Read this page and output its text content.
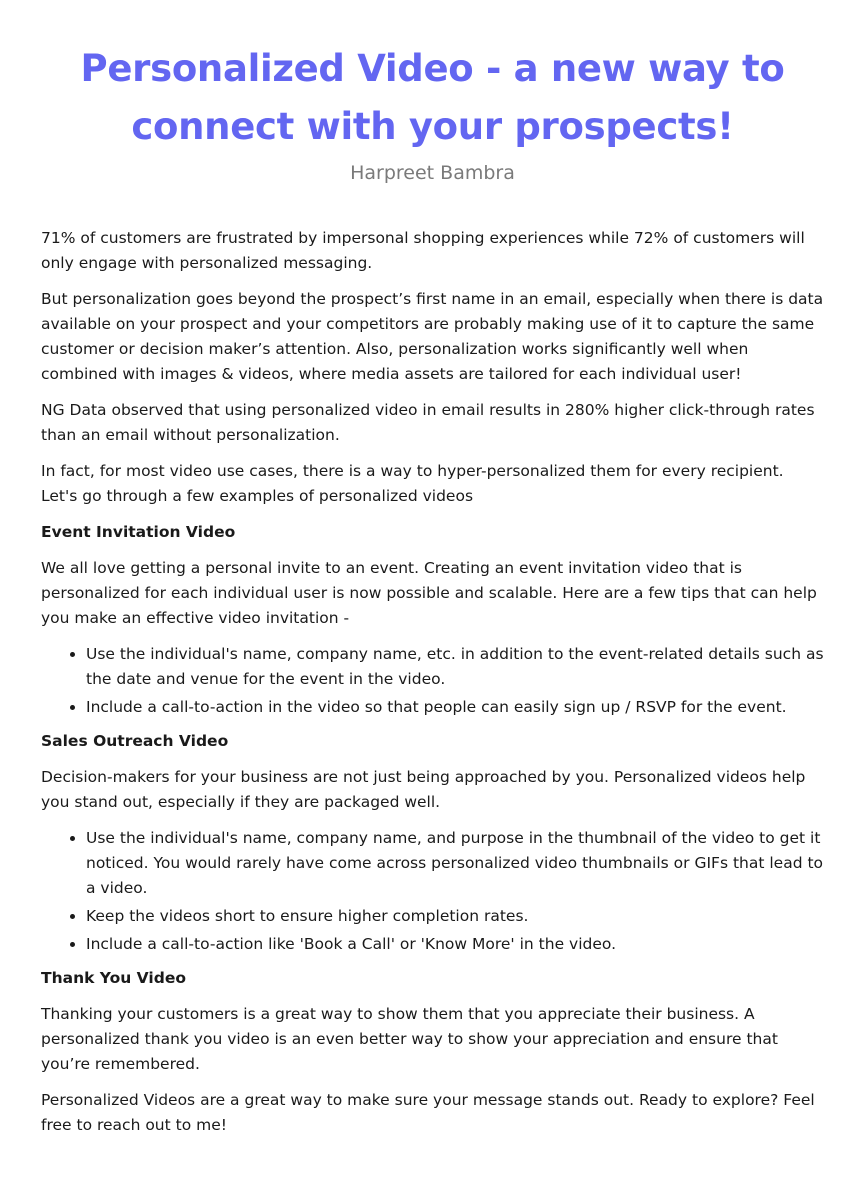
Personalized Video - a new way to connect with your prospects!
Harpreet Bambra

71% of customers are frustrated by impersonal shopping experiences while 72% of customers will only engage with personalized messaging.

But personalization goes beyond the prospect’s first name in an email, especially when there is data available on your prospect and your competitors are probably making use of it to capture the same customer or decision maker’s attention. Also, personalization works significantly well when combined with images & videos, where media assets are tailored for each individual user!

NG Data observed that using personalized video in email results in 280% higher click-through rates than an email without personalization.

In fact, for most video use cases, there is a way to hyper-personalized them for every recipient. Let's go through a few examples of personalized videos

Event Invitation Video

We all love getting a personal invite to an event. Creating an event invitation video that is personalized for each individual user is now possible and scalable. Here are a few tips that can help you make an effective video invitation -

• Use the individual's name, company name, etc. in addition to the event-related details such as the date and venue for the event in the video.
• Include a call-to-action in the video so that people can easily sign up / RSVP for the event.
Sales Outreach Video

Decision-makers for your business are not just being approached by you. Personalized videos help you stand out, especially if they are packaged well.

• Use the individual's name, company name, and purpose in the thumbnail of the video to get it noticed. You would rarely have come across personalized video thumbnails or GIFs that lead to a video.
• Keep the videos short to ensure higher completion rates.
• Include a call-to-action like 'Book a Call' or 'Know More' in the video.
Thank You Video

Thanking your customers is a great way to show them that you appreciate their business. A personalized thank you video is an even better way to show your appreciation and ensure that you’re remembered.

Personalized Videos are a great way to make sure your message stands out. Ready to explore? Feel free to reach out to me!
